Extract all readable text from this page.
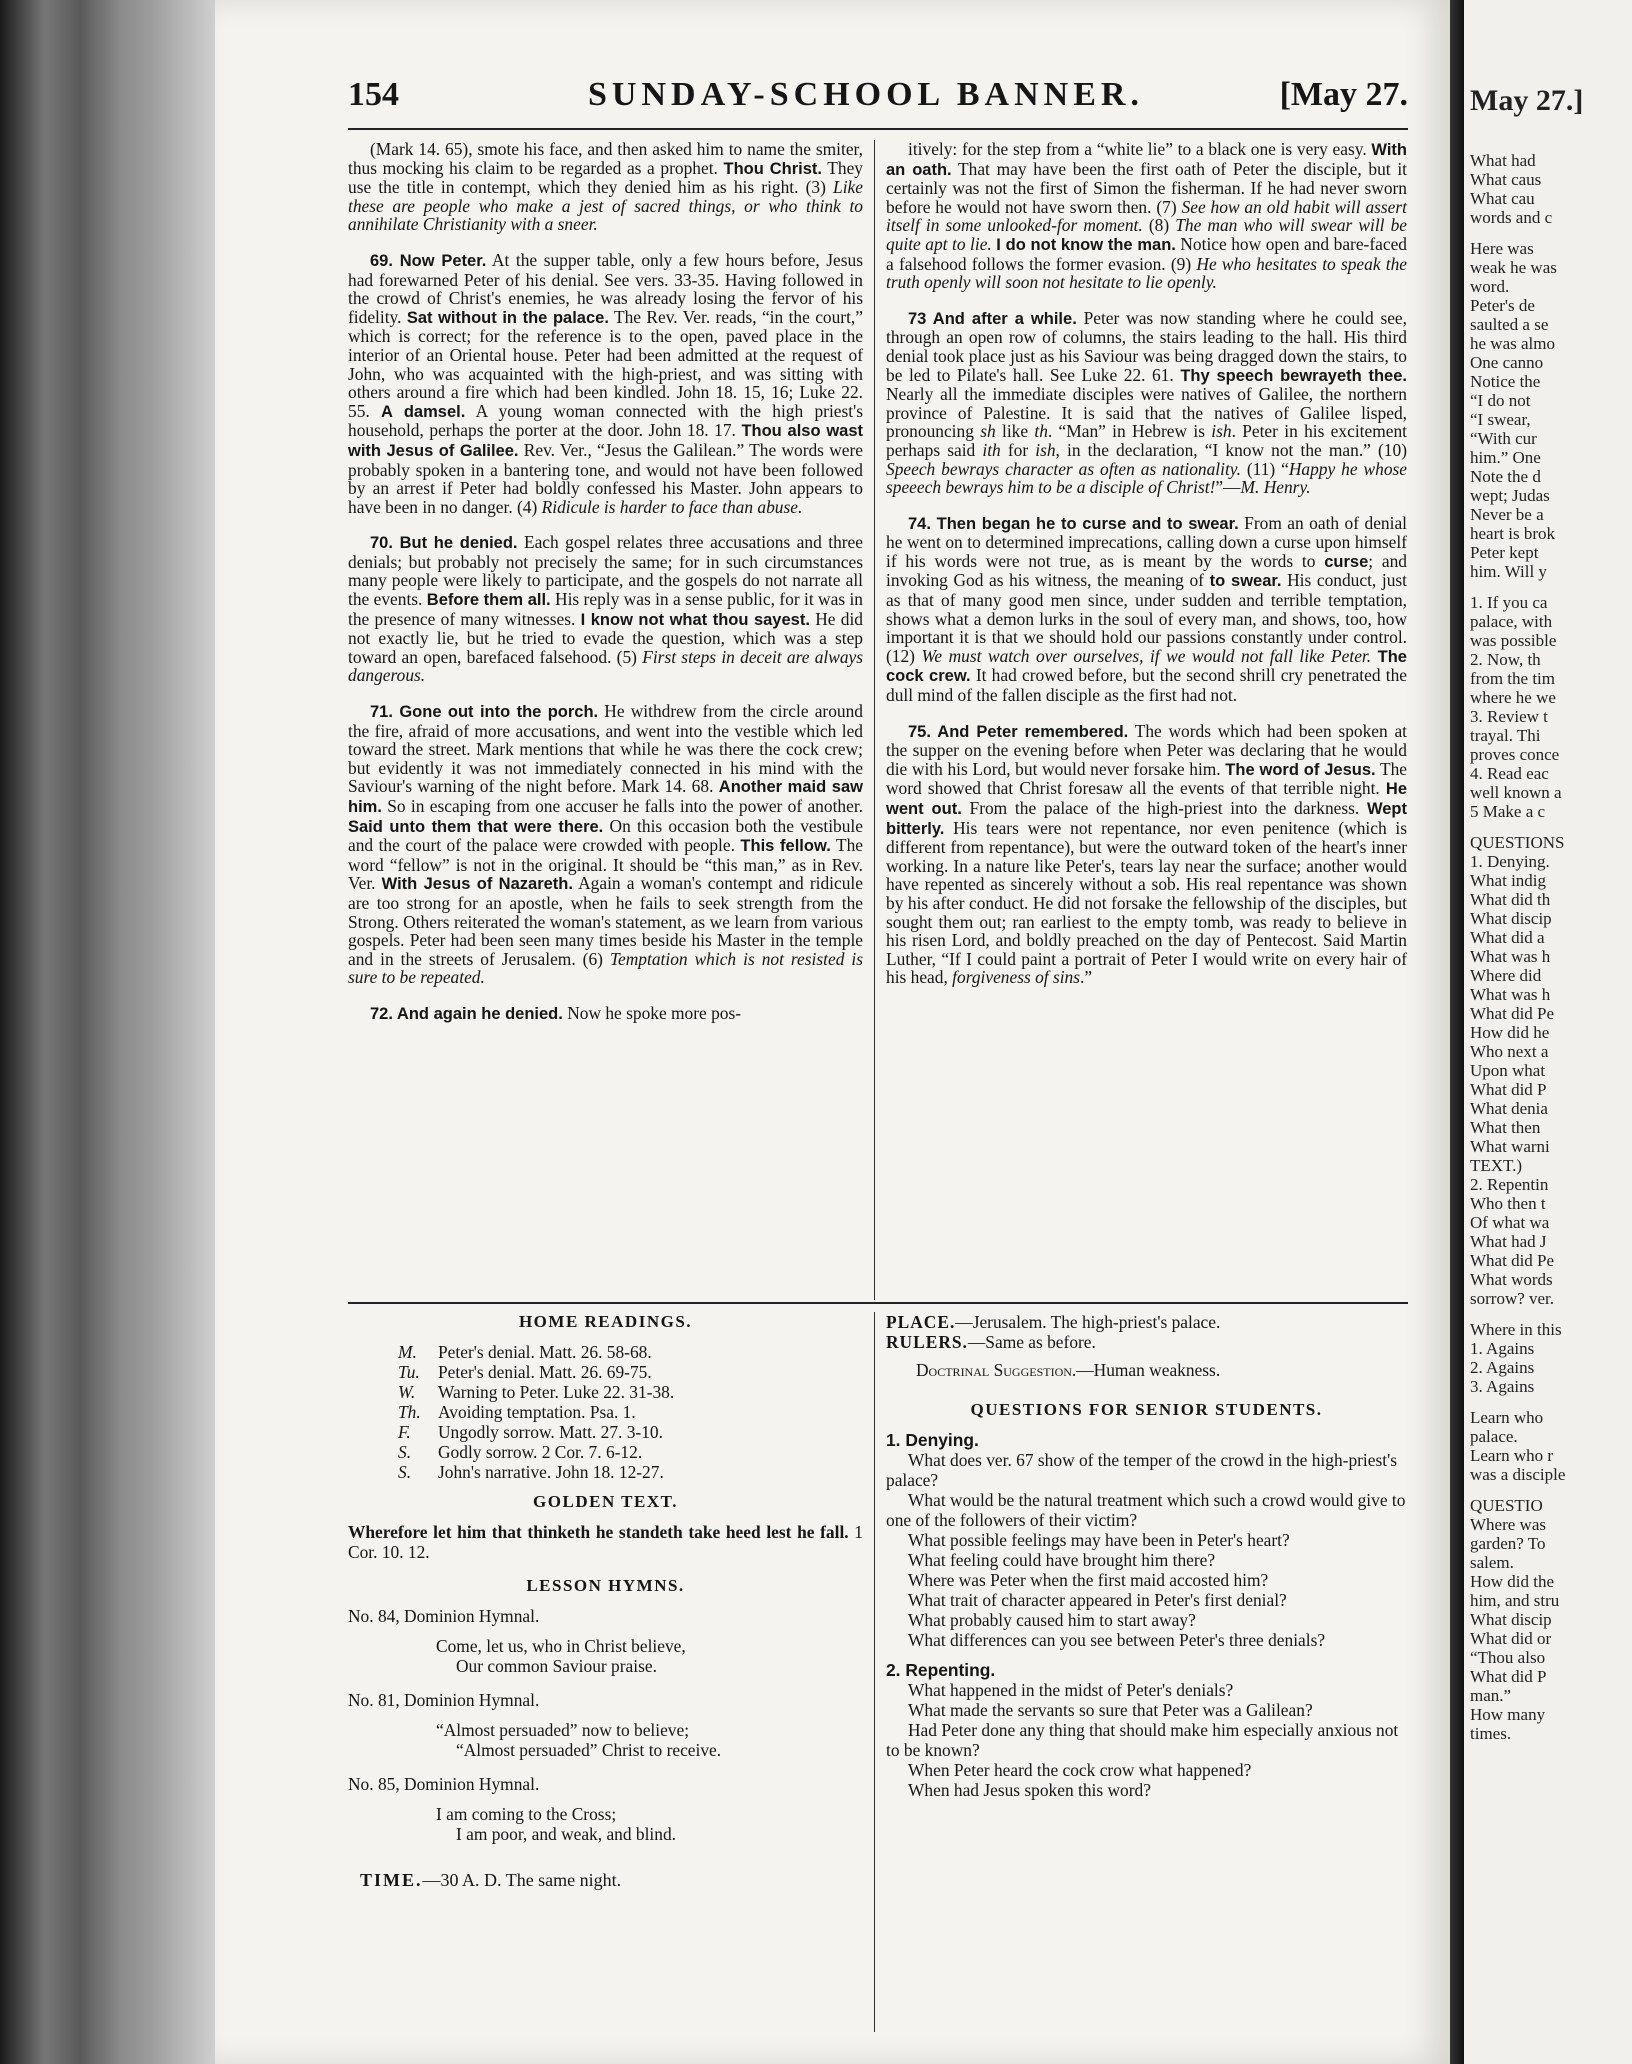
154	SUNDAY-SCHOOL BANNER.	[May 27.

(Mark 14. 65), smote his face, and then asked him to name the smiter, thus mocking his claim to be regarded as a prophet. Thou Christ. They use the title in contempt, which they denied him as his right. (3) Like these are people who make a jest of sacred things, or who think to annihilate Christianity with a sneer.

69. Now Peter. At the supper table, only a few hours before, Jesus had forewarned Peter of his denial. See vers. 33-35. Having followed in the crowd of Christ's enemies, he was already losing the fervor of his fidelity. Sat without in the palace. The Rev. Ver. reads, “in the court,” which is correct; for the reference is to the open, paved place in the interior of an Oriental house. Peter had been admitted at the request of John, who was acquainted with the high-priest, and was sitting with others around a fire which had been kindled. John 18. 15, 16; Luke 22. 55. A damsel. A young woman connected with the high priest's household, perhaps the porter at the door. John 18. 17. Thou also wast with Jesus of Galilee. Rev. Ver., “Jesus the Galilean.” The words were probably spoken in a bantering tone, and would not have been followed by an arrest if Peter had boldly confessed his Master. John appears to have been in no danger. (4) Ridicule is harder to face than abuse.

70. But he denied. Each gospel relates three accusations and three denials; but probably not precisely the same; for in such circumstances many people were likely to participate, and the gospels do not narrate all the events. Before them all. His reply was in a sense public, for it was in the presence of many witnesses. I know not what thou sayest. He did not exactly lie, but he tried to evade the question, which was a step toward an open, barefaced falsehood. (5) First steps in deceit are always dangerous.

71. Gone out into the porch. He withdrew from the circle around the fire, afraid of more accusations, and went into the vestible which led toward the street. Mark mentions that while he was there the cock crew; but evidently it was not immediately connected in his mind with the Saviour's warning of the night before. Mark 14. 68. Another maid saw him. So in escaping from one accuser he falls into the power of another. Said unto them that were there. On this occasion both the vestibule and the court of the palace were crowded with people. This fellow. The word “fellow” is not in the original. It should be “this man,” as in Rev. Ver. With Jesus of Nazareth. Again a woman's contempt and ridicule are too strong for an apostle, when he fails to seek strength from the Strong. Others reiterated the woman's statement, as we learn from various gospels. Peter had been seen many times beside his Master in the temple and in the streets of Jerusalem. (6) Temptation which is not resisted is sure to be repeated.

72. And again he denied. Now he spoke more pos-

itively: for the step from a “white lie” to a black one is very easy. With an oath. That may have been the first oath of Peter the disciple, but it certainly was not the first of Simon the fisherman. If he had never sworn before he would not have sworn then. (7) See how an old habit will assert itself in some unlooked-for moment. (8) The man who will swear will be quite apt to lie. I do not know the man. Notice how open and bare-faced a falsehood follows the former evasion. (9) He who hesitates to speak the truth openly will soon not hesitate to lie openly.

73 And after a while. Peter was now standing where he could see, through an open row of columns, the stairs leading to the hall. His third denial took place just as his Saviour was being dragged down the stairs, to be led to Pilate's hall. See Luke 22. 61. Thy speech bewrayeth thee. Nearly all the immediate disciples were natives of Galilee, the northern province of Palestine. It is said that the natives of Galilee lisped, pronouncing sh like th. “Man” in Hebrew is ish. Peter in his excitement perhaps said ith for ish, in the declaration, “I know not the man.” (10) Speech bewrays character as often as nationality. (11) “Happy he whose speeech bewrays him to be a disciple of Christ!”—M. Henry.

74. Then began he to curse and to swear. From an oath of denial he went on to determined imprecations, calling down a curse upon himself if his words were not true, as is meant by the words to curse; and invoking God as his witness, the meaning of to swear. His conduct, just as that of many good men since, under sudden and terrible temptation, shows what a demon lurks in the soul of every man, and shows, too, how important it is that we should hold our passions constantly under control. (12) We must watch over ourselves, if we would not fall like Peter. The cock crew. It had crowed before, but the second shrill cry penetrated the dull mind of the fallen disciple as the first had not.

75. And Peter remembered. The words which had been spoken at the supper on the evening before when Peter was declaring that he would die with his Lord, but would never forsake him. The word of Jesus. The word showed that Christ foresaw all the events of that terrible night. He went out. From the palace of the high-priest into the darkness. Wept bitterly. His tears were not repentance, nor even penitence (which is different from repentance), but were the outward token of the heart's inner working. In a nature like Peter's, tears lay near the surface; another would have repented as sincerely without a sob. His real repentance was shown by his after conduct. He did not forsake the fellowship of the disciples, but sought them out; ran earliest to the empty tomb, was ready to believe in his risen Lord, and boldly preached on the day of Pentecost. Said Martin Luther, “If I could paint a portrait of Peter I would write on every hair of his head, forgiveness of sins.”

HOME READINGS.
M.	Peter's denial. Matt. 26. 58-68.
Tu.	Peter's denial. Matt. 26. 69-75.
W.	Warning to Peter. Luke 22. 31-38.
Th. Avoiding temptation. Psa. 1.
F.	Ungodly sorrow. Matt. 27. 3-10.
S.	Godly sorrow. 2 Cor. 7. 6-12.
S.	John's narrative. John 18. 12-27.
GOLDEN TEXT.
Wherefore let him that thinketh he standeth take heed lest he fall. 1 Cor. 10. 12.
LESSON HYMNS.
No. 84, Dominion Hymnal.
Come, let us, who in Christ believe,
Our common Saviour praise.
No. 81, Dominion Hymnal.
“Almost persuaded” now to believe;
“Almost persuaded” Christ to receive.
No. 85, Dominion Hymnal.
I am coming to the Cross;
I am poor, and weak, and blind.
TIME.—30 A. D. The same night.
PLACE.—Jerusalem. The high-priest's palace.
RULERS.—Same as before.
Doctrinal Suggestion.—Human weakness.
QUESTIONS FOR SENIOR STUDENTS.
1. Denying.
What does ver. 67 show of the temper of the crowd in the high-priest's palace?
What would be the natural treatment which such a crowd would give to one of the followers of their victim?
What possible feelings may have been in Peter's heart?
What feeling could have brought him there?
Where was Peter when the first maid accosted him?
What trait of character appeared in Peter's first denial?
What probably caused him to start away?
What differences can you see between Peter's three denials?
2. Repenting.
What happened in the midst of Peter's denials?
What made the servants so sure that Peter was a Galilean?
Had Peter done any thing that should make him especially anxious not to be known?
When Peter heard the cock crow what happened?
When had Jesus spoken this word?
May 27.]
What had
What caus
What cau
words and c
Here was
weak he was
word.
Peter's de
saulted a se
he was almo
One canno
Notice the
“I do not
“I swear,
“With cur
him.” One
Note the d
wept; Judas
Never be a
heart is brok
Peter kept
him. Will y
1. If you ca
palace, with
was possible
2. Now, th
from the tim
where he we
3. Review t
trayal. Thi
proves conce
4. Read eac
well known a
5 Make a c
QUESTIONS
1. Denying.
What indig
What did th
What discip
What did a
What was h
Where did
What was h
What did Pe
How did he
Who next a
Upon what
What did P
What denia
What then
What warni
TEXT.)
2. Repentin
Who then t
Of what wa
What had J
What did Pe
What words
sorrow? ver.
Where in this
1. Agains
2. Agains
3. Agains
Learn who
palace.
Learn who r
was a disciple
QUESTIO
Where was
garden? To
salem.
How did the
him, and stru
What discip
What did or
“Thou also
What did P
man.”
How many
times.
